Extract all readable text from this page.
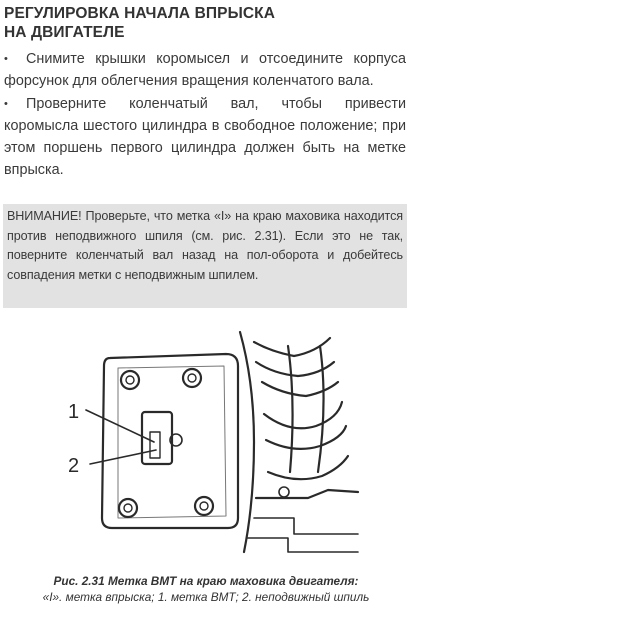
РЕГУЛИРОВКА НАЧАЛА ВПРЫСКА
НА ДВИГАТЕЛЕ

• Снимите крышки коромысел и отсоедините корпуса форсунок для облегчения вращения коленчатого вала.

• Проверните коленчатый вал, чтобы привести коромысла шестого цилиндра в свободное положение; при этом поршень первого цилиндра должен быть на метке впрыска.

ВНИМАНИЕ! Проверьте, что метка «I» на краю маховика находится против неподвижного шпиля (см. рис. 2.31). Если это не так, поверните коленчатый вал назад на пол-оборота и добейтесь совпадения метки с неподвижным шпилем.

1
2
Рис. 2.31 Метка ВМТ на краю маховика двигателя:
«I». метка впрыска; 1. метка ВМТ; 2. неподвижный шпиль
